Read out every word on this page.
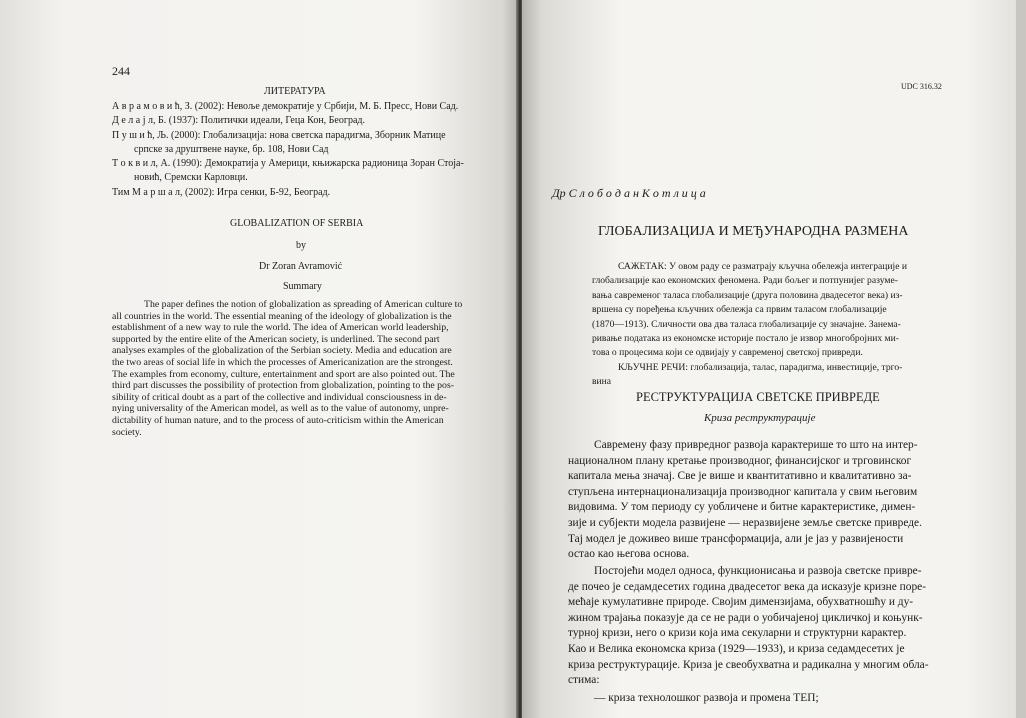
244
ЛИТЕРАТУРА
А в р а м о в и ћ, З. (2002): Невоље демократије у Србији, М. Б. Пресс, Нови Сад.
Д е л а ј л, Б. (1937): Политички идеали, Геца Кон, Београд.
П у ш и ћ, Љ. (2000): Глобализација: нова светска парадигма, Зборник Матице
српске за друштвене науке, бр. 108, Нови Сад
Т о к в и л, А. (1990): Демократија у Америци, књижарска радионица Зоран Стоја-
новић, Сремски Карловци.
Тим М а р ш а л, (2002): Игра сенки, Б-92, Београд.
GLOBALIZATION OF SERBIA
by
Dr Zoran Avramović
Summary
The paper defines the notion of globalization as spreading of American culture to
all countries in the world. The essential meaning of the ideology of globalization is the
establishment of a new way to rule the world. The idea of American world leadership,
supported by the entire elite of the American society, is underlined. The second part
analyses examples of the globalization of the Serbian society. Media and education are
the two areas of social life in which the processes of Americanization are the strongest.
The examples from economy, culture, entertainment and sport are also pointed out. The
third part discusses the possibility of protection from globalization, pointing to the pos-
sibility of critical doubt as a part of the collective and individual consciousness in de-
nying universality of the American model, as well as to the value of autonomy, unpre-
dictability of human nature, and to the process of auto-criticism within the American
society.
UDC 316.32
Др С л о б о д а н К о т л и ц а
ГЛОБАЛИЗАЦИЈА И МЕЂУНАРОДНА РАЗМЕНА
САЖЕТАК: У овом раду се разматрају кључна обележја интеграције и
глобализације као економских феномена. Ради бољег и потпунијег разуме-
вања савременог таласа глобализације (друга половина двадесетог века) из-
вршена су поређења кључних обележја са првим таласом глобализације
(1870—1913). Сличности ова два таласа глобализације су значајне. Занема-
ривање података из економске историје постало је извор многобројних ми-
това о процесима који се одвијају у савременој светској привреди.
КЉУЧНЕ РЕЧИ: глобализација, талас, парадигма, инвестиције, трго-
вина
РЕСТРУКТУРАЦИЈА СВЕТСКЕ ПРИВРЕДЕ
Криза реструктурације
Савремену фазу привредног развоја карактерише то што на интер-
националном плану кретање производног, финансијског и трговинског
капитала мења значај. Све је више и квантитативно и квалитативно за-
ступљена интернационализација производног капитала у свим његовим
видовима. У том периоду су уобличене и битне карактеристике, димен-
зије и субјекти модела развијене — неразвијене земље светске привреде.
Тај модел је доживео више трансформација, али је јаз у развијености
остао као његова основа.
Постојећи модел односа, функционисања и развоја светске привре-
де почео је седамдесетих година двадесетог века да исказује кризне поре-
мећаје кумулативне природе. Својим димензијама, обухватношћу и ду-
жином трајања показује да се не ради о уобичајеној цикличкој и коњунк-
турној кризи, него о кризи која има секуларни и структурни карактер.
Као и Велика економска криза (1929—1933), и криза седамдесетих је
криза реструктурације. Криза је свеобухватна и радикална у многим обла-
стима:
— криза технолошког развоја и промена ТЕП;
